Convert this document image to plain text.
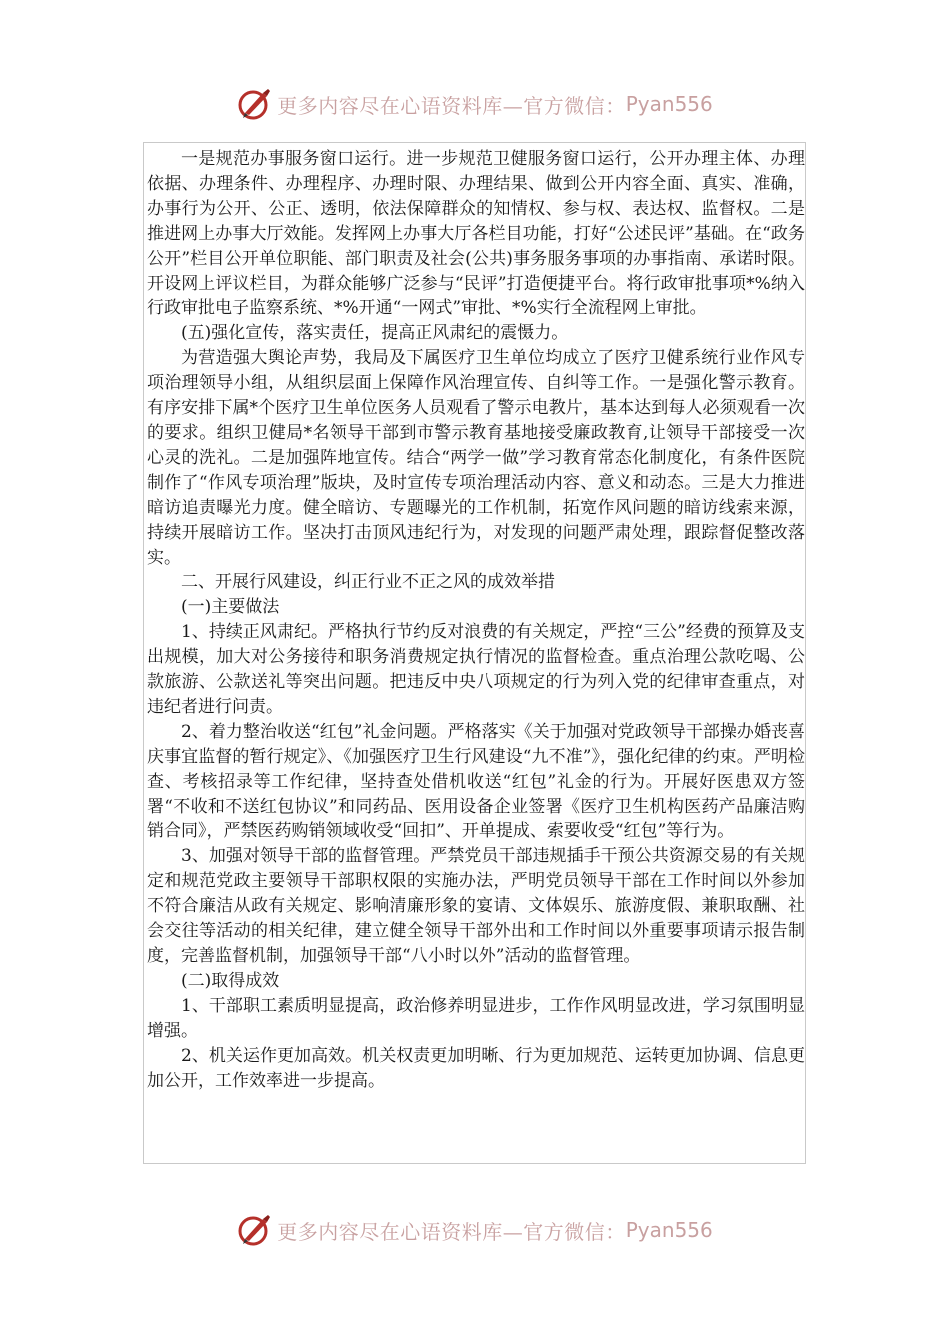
更多内容尽在心语资料库—官方微信： Pyan556

一是规范办事服务窗口运行。进一步规范卫健服务窗口运行，公开办理主体、办理依据、办理条件、办理程序、办理时限、办理结果、做到公开内容全面、真实、准确，办事行为公开、公正、透明，依法保障群众的知情权、参与权、表达权、监督权。二是推进网上办事大厅效能。发挥网上办事大厅各栏目功能，打好“公述民评”基础。在“政务公开”栏目公开单位职能、部门职责及社会(公共)事务服务事项的办事指南、承诺时限。开设网上评议栏目，为群众能够广泛参与“民评”打造便捷平台。将行政审批事项*%纳入行政审批电子监察系统、*%开通“一网式”审批、*%实行全流程网上审批。

(五)强化宣传，落实责任，提高正风肃纪的震慑力。

为营造强大舆论声势，我局及下属医疗卫生单位均成立了医疗卫健系统行业作风专项治理领导小组，从组织层面上保障作风治理宣传、自纠等工作。一是强化警示教育。有序安排下属*个医疗卫生单位医务人员观看了警示电教片，基本达到每人必须观看一次的要求。组织卫健局*名领导干部到市警示教育基地接受廉政教育,让领导干部接受一次心灵的洗礼。二是加强阵地宣传。结合“两学一做”学习教育常态化制度化，有条件医院制作了“作风专项治理”版块，及时宣传专项治理活动内容、意义和动态。三是大力推进暗访追责曝光力度。健全暗访、专题曝光的工作机制，拓宽作风问题的暗访线索来源，持续开展暗访工作。坚决打击顶风违纪行为，对发现的问题严肃处理，跟踪督促整改落实。

二、开展行风建设，纠正行业不正之风的成效举措

(一)主要做法

1、持续正风肃纪。严格执行节约反对浪费的有关规定，严控“三公”经费的预算及支出规模，加大对公务接待和职务消费规定执行情况的监督检查。重点治理公款吃喝、公款旅游、公款送礼等突出问题。把违反中央八项规定的行为列入党的纪律审查重点，对违纪者进行问责。

2、着力整治收送“红包”礼金问题。严格落实《关于加强对党政领导干部操办婚丧喜庆事宜监督的暂行规定》、《加强医疗卫生行风建设“九不准”》，强化纪律的约束。严明检查、考核招录等工作纪律，坚持查处借机收送“红包”礼金的行为。开展好医患双方签署“不收和不送红包协议”和同药品、医用设备企业签署《医疗卫生机构医药产品廉洁购销合同》，严禁医药购销领域收受“回扣”、开单提成、索要收受“红包”等行为。

3、加强对领导干部的监督管理。严禁党员干部违规插手干预公共资源交易的有关规定和规范党政主要领导干部职权限的实施办法，严明党员领导干部在工作时间以外参加不符合廉洁从政有关规定、影响清廉形象的宴请、文体娱乐、旅游度假、兼职取酬、社会交往等活动的相关纪律，建立健全领导干部外出和工作时间以外重要事项请示报告制度，完善监督机制，加强领导干部“八小时以外”活动的监督管理。

(二)取得成效

1、干部职工素质明显提高，政治修养明显进步，工作作风明显改进，学习氛围明显增强。

2、机关运作更加高效。机关权责更加明晰、行为更加规范、运转更加协调、信息更加公开，工作效率进一步提高。

更多内容尽在心语资料库—官方微信： Pyan556
